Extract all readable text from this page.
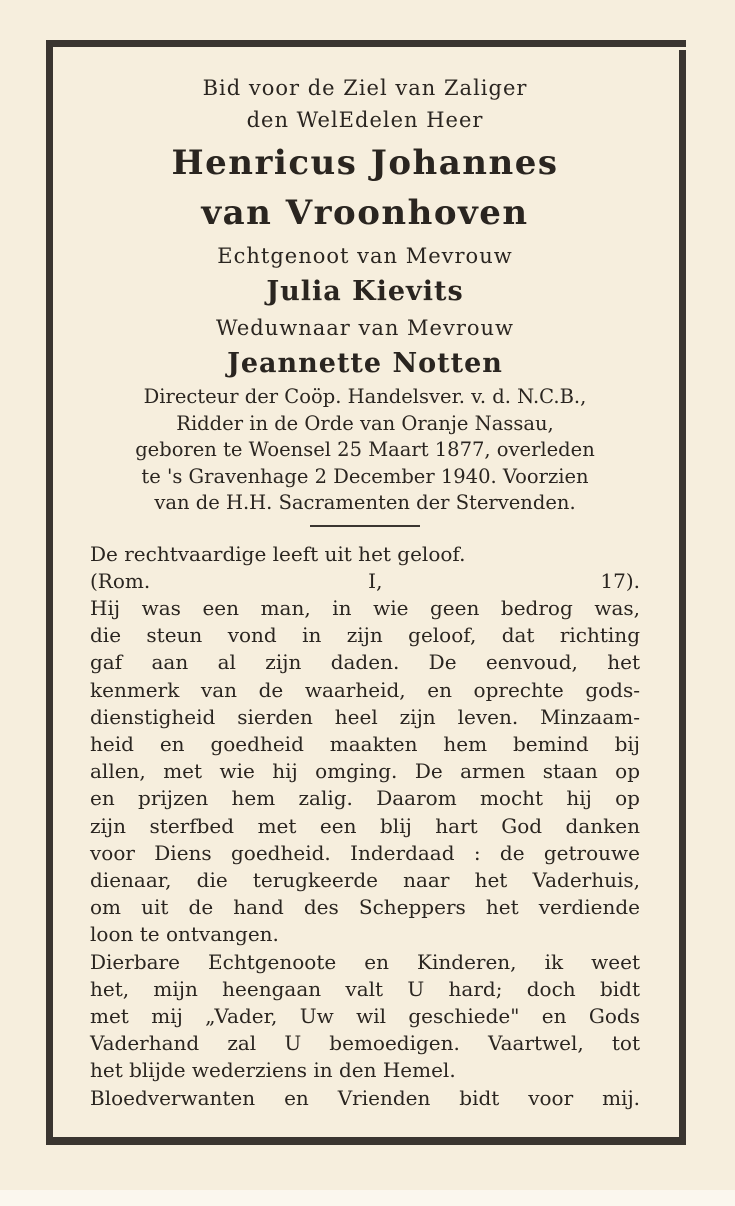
Bid voor de Ziel van Zaliger
den WelEdelen Heer
Henricus Johannes
van Vroonhoven
Echtgenoot van Mevrouw
Julia Kievits
Weduwnaar van Mevrouw
Jeannette Notten
Directeur der Coöp. Handelsver. v. d. N.C.B.,
Ridder in de Orde van Oranje Nassau,
geboren te Woensel 25 Maart 1877, overleden
te 's Gravenhage 2 December 1940. Voorzien
van de H.H. Sacramenten der Stervenden.
De rechtvaardige leeft uit het geloof.
(Rom. I, 17).
Hij was een man, in wie geen bedrog was,
die steun vond in zijn geloof, dat richting
gaf aan al zijn daden. De eenvoud, het
kenmerk van de waarheid, en oprechte gods-
dienstigheid sierden heel zijn leven. Minzaam-
heid en goedheid maakten hem bemind bij
allen, met wie hij omging. De armen staan op
en prijzen hem zalig. Daarom mocht hij op
zijn sterfbed met een blij hart God danken
voor Diens goedheid. Inderdaad : de getrouwe
dienaar, die terugkeerde naar het Vaderhuis,
om uit de hand des Scheppers het verdiende
loon te ontvangen.
Dierbare Echtgenoote en Kinderen, ik weet
het, mijn heengaan valt U hard; doch bidt
met mij „Vader, Uw wil geschiede" en Gods
Vaderhand zal U bemoedigen. Vaartwel, tot
het blijde wederziens in den Hemel.
Bloedverwanten en Vrienden bidt voor mij.
